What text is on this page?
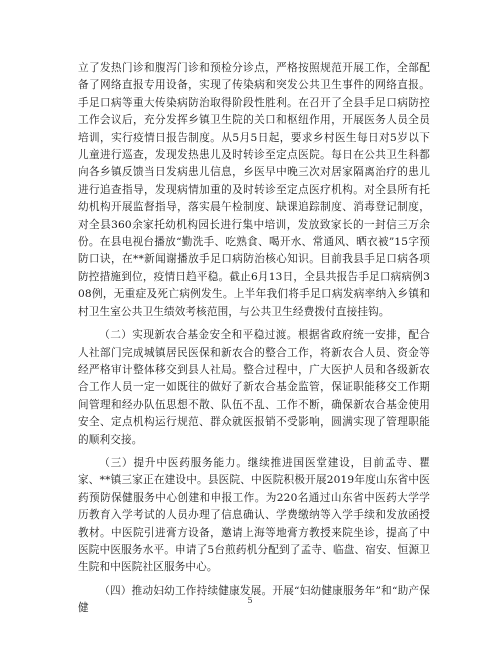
立了发热门诊和腹泻门诊和预检分诊点，严格按照规范开展工作，全部配备了网络直报专用设备，实现了传染病和突发公共卫生事件的网络直报。手足口病等重大传染病防治取得阶段性胜利。在召开了全县手足口病防控工作会议后，充分发挥乡镇卫生院的关口和枢纽作用，开展医务人员全员培训，实行疫情日报告制度。从5月5日起，要求乡村医生每日对5岁以下儿童进行巡查，发现发热患儿及时转诊至定点医院。每日在公共卫生科都向各乡镇反馈当日发病患儿信息，乡医早中晚三次对居家隔离治疗的患儿进行追查指导，发现病情加重的及时转诊至定点医疗机构。对全县所有托幼机构开展监督指导，落实晨午检制度、缺课追踪制度、消毒登记制度，对全县360余家托幼机构园长进行集中培训，发放致家长的一封信三万余份。在县电视台播放“勤洗手、吃熟食、喝开水、常通风、晒衣被”15字预防口诀，在**新闻谢播放手足口病防治核心知识。目前我县手足口病各项防控措施到位，疫情日趋平稳。截止6月13日，全县共报告手足口病病例308例，无重症及死亡病例发生。上半年我们将手足口病发病率纳入乡镇和村卫生室公共卫生绩效考核范围，与公共卫生经费拨付直接挂钩。

（二）实现新农合基金安全和平稳过渡。根据省政府统一安排，配合人社部门完成城镇居民医保和新农合的整合工作，将新农合人员、资金等经严格审计整体移交到县人社局。整合过程中，广大医护人员和各级新农合工作人员一定一如既往的做好了新农合基金监管，保证职能移交工作期间管理和经办队伍思想不散、队伍不乱、工作不断，确保新农合基金使用安全、定点机构运行规范、群众就医报销不受影响，圆满实现了管理职能的顺利交接。

（三）提升中医药服务能力。继续推进国医堂建设，目前孟寺、瞿家、**镇三家正在建设中。县医院、中医院积极开展2019年度山东省中医药预防保健服务中心创建和申报工作。为220名通过山东省中医药大学学历教育入学考试的人员办理了信息确认、学费缴纳等入学手续和发放函授教材。中医院引进膏方设备，邀请上海等地膏方教授来院坐诊，提高了中医院中医服务水平。申请了5台煎药机分配到了孟寺、临盘、宿安、恒源卫生院和中医院社区服务中心。

（四）推动妇幼工作持续健康发展。开展“妇幼健康服务年”和“助产保健

5
